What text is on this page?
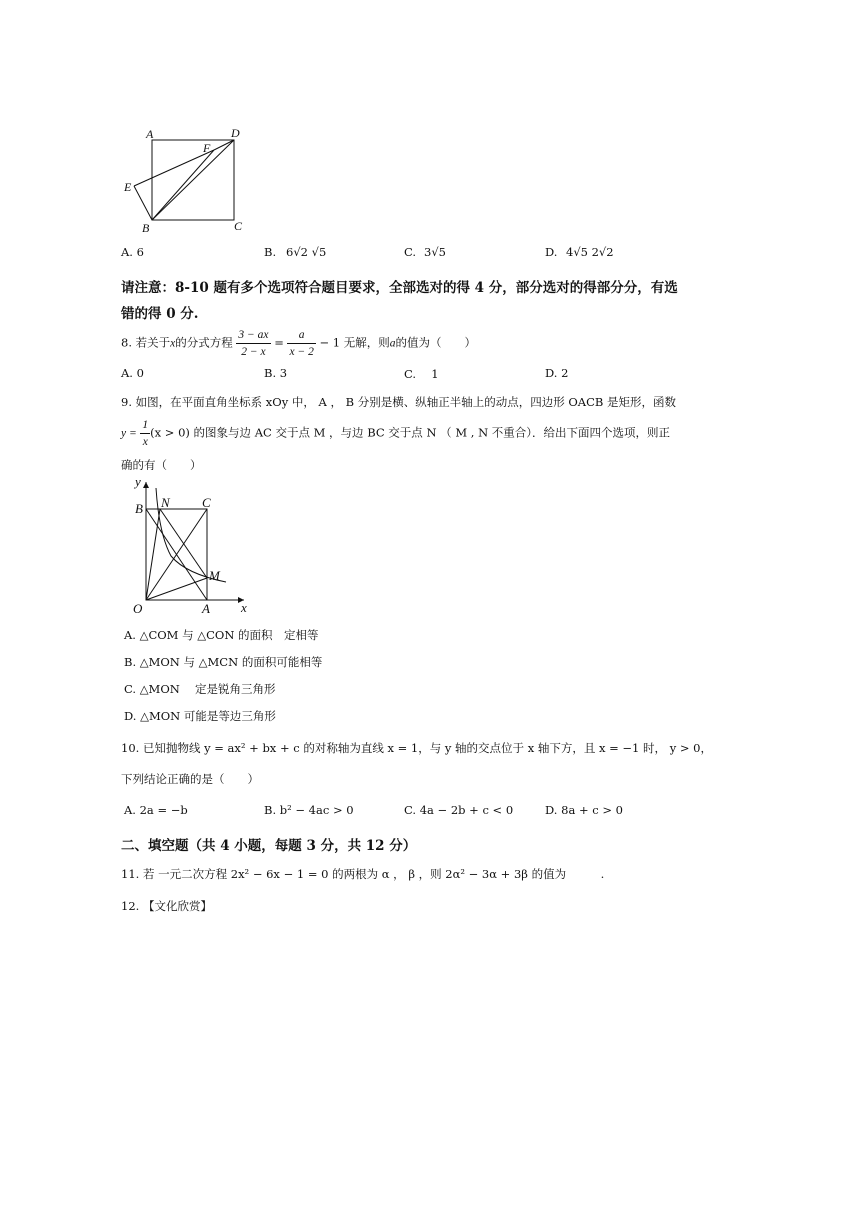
A	D
F
E
B	C
A. 6	B. 6√2 √5	C. 3√5	D. 4√5 2√2
请注意：8-10 题有多个选项符合题目要求，全部选对的得 4 分，部分选对的得部分分，有选
错的得 0 分.
8. 若关于x的分式方程 $\frac{3 - ax}{2 - x} = \frac{a}{x - 2} - 1$ 无解，则a的值为（　　）
A. 0	B. 3	C. 　1	D. 2
9. 如图，在平面直角坐标系 xOy 中， A ， B 分别是横、纵轴正半轴上的动点，四边形 OACB 是矩形，函数
$y = \frac{1}{x} (x > 0)$ 的图象与边 AC 交于点 M ，与边 BC 交于点 N （ M , N 不重合）．给出下面四个选项，则正
确的有（　　）
y
B N C
M
O	A x
A. △COM 与 △CON 的面积　定相等
B. △MON 与 △MCN 的面积可能相等
C. △MON 　定是锐角三角形
D. △MON 可能是等边三角形
10. 已知抛物线 y = ax² + bx + c 的对称轴为直线 x = 1，与 y 轴的交点位于 x 轴下方，且 x = −1 时， y > 0，
下列结论正确的是（　　）
A. 2a = −b	B. b² − 4ac > 0	C. 4a − 2b + c < 0	D. 8a + c > 0
二、填空题（共 4 小题，每题 3 分，共 12 分）
11. 若 一元二次方程 2x² − 6x − 1 = 0 的两根为 α ， β ，则 2α² − 3α + 3β 的值为　　　.
12. 【文化欣赏】
